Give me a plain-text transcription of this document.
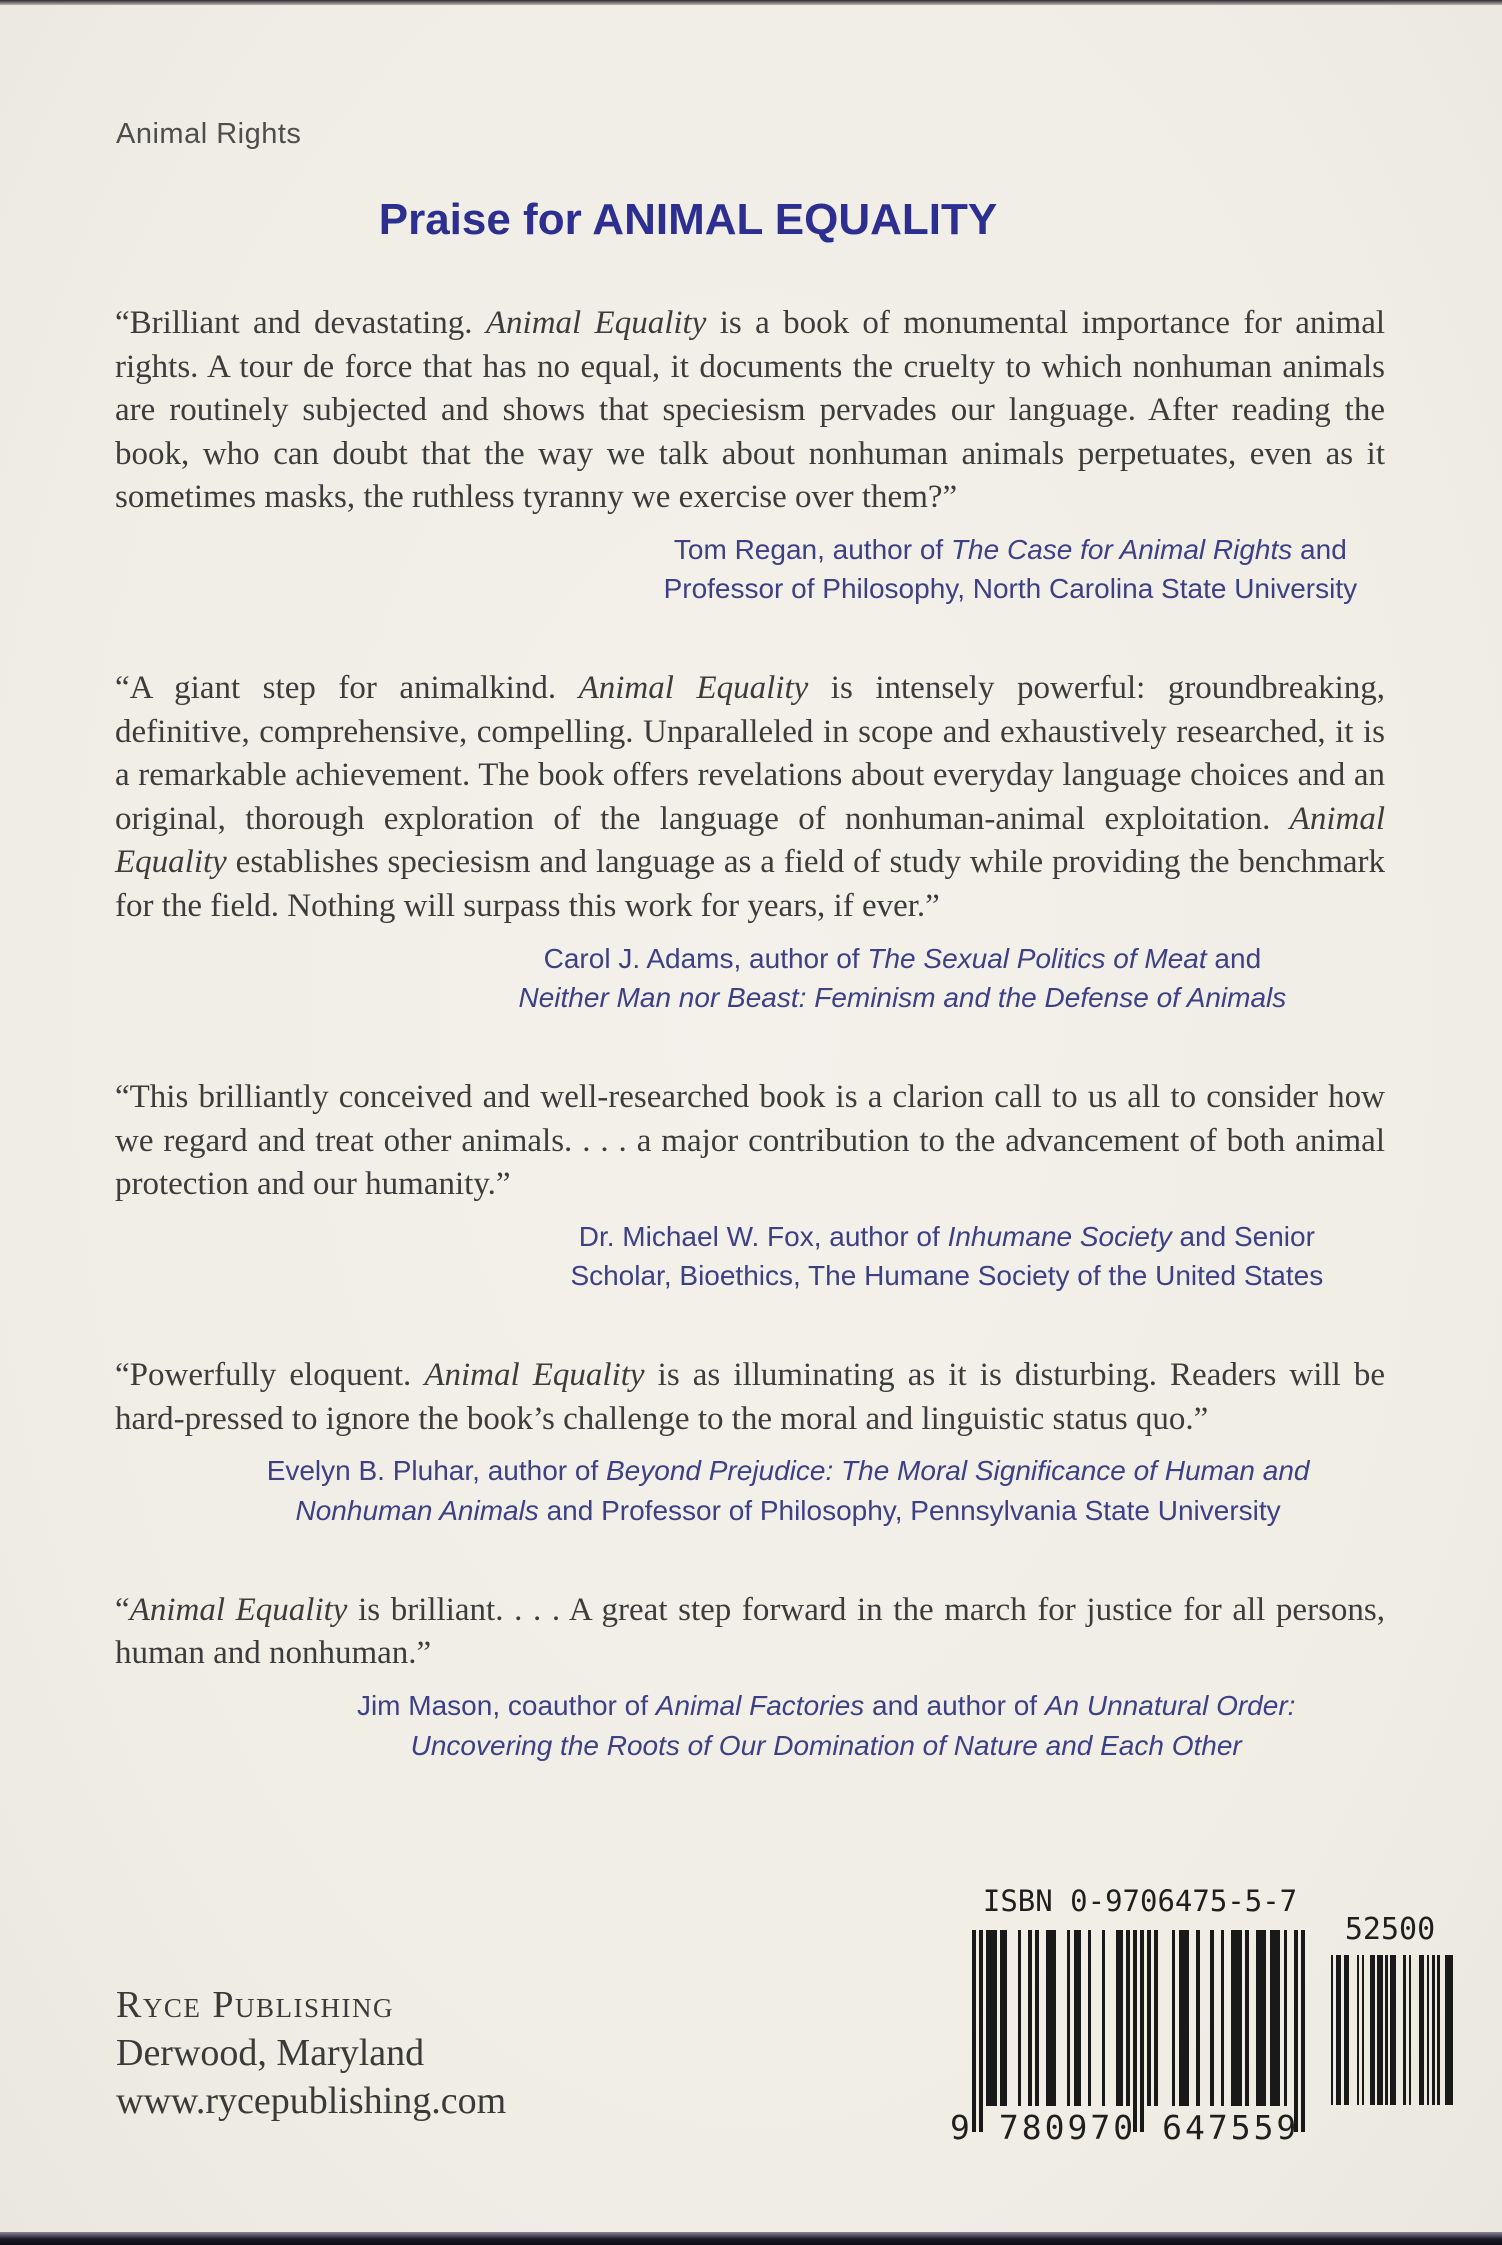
Animal Rights
Praise for ANIMAL EQUALITY

“Brilliant and devastating. Animal Equality is a book of monumental importance for animal rights. A tour de force that has no equal, it documents the cruelty to which nonhuman animals are routinely subjected and shows that speciesism pervades our language. After reading the book, who can doubt that the way we talk about nonhuman animals perpetuates, even as it sometimes masks, the ruthless tyranny we exercise over them?”

Tom Regan, author of The Case for Animal Rights and
Professor of Philosophy, North Carolina State University

“A giant step for animalkind. Animal Equality is intensely powerful: groundbreaking, definitive, comprehensive, compelling. Unparalleled in scope and exhaustively researched, it is a remarkable achievement. The book offers revelations about everyday language choices and an original, thorough exploration of the language of nonhuman-animal exploitation. Animal Equality establishes speciesism and language as a field of study while providing the benchmark for the field. Nothing will surpass this work for years, if ever.”

Carol J. Adams, author of The Sexual Politics of Meat and
Neither Man nor Beast: Feminism and the Defense of Animals

“This brilliantly conceived and well-researched book is a clarion call to us all to consider how we regard and treat other animals. . . . a major contribution to the advancement of both animal protection and our humanity.”

Dr. Michael W. Fox, author of Inhumane Society and Senior
Scholar, Bioethics, The Humane Society of the United States

“Powerfully eloquent. Animal Equality is as illuminating as it is disturbing. Readers will be hard-pressed to ignore the book’s challenge to the moral and linguistic status quo.”

Evelyn B. Pluhar, author of Beyond Prejudice: The Moral Significance of Human and
Nonhuman Animals and Professor of Philosophy, Pennsylvania State University

“Animal Equality is brilliant. . . . A great step forward in the march for justice for all persons, human and nonhuman.”

Jim Mason, coauthor of Animal Factories and author of An Unnatural Order:
Uncovering the Roots of Our Domination of Nature and Each Other
Ryce Publishing
Derwood, Maryland
www.rycepublishing.com
ISBN 0-9706475-5-7
52500
9 780970 647559
